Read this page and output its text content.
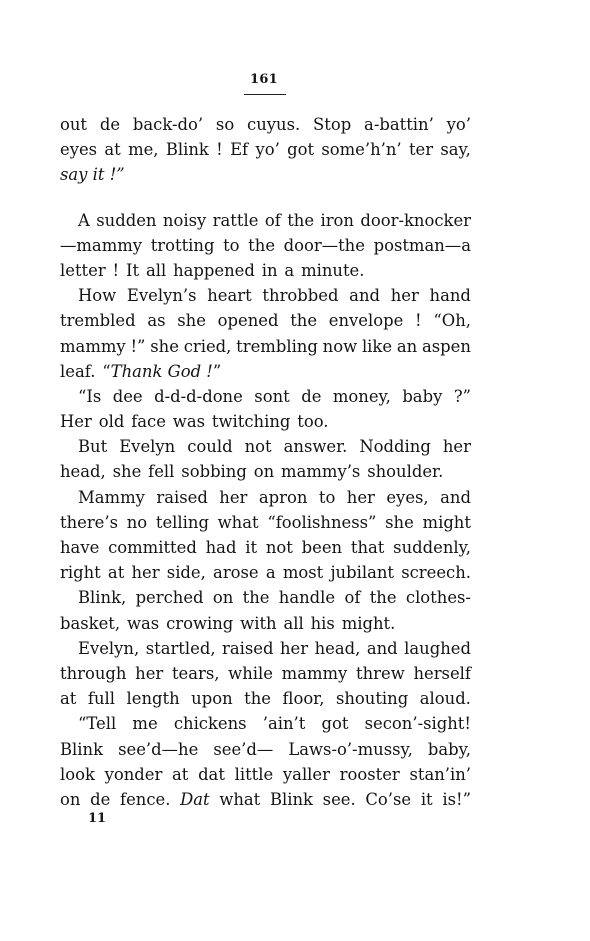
161
out de back-do’ so cuyus. Stop a-battin’ yo’
eyes at me, Blink ! Ef yo’ got some’h’n’ ter say,
say it !”
A sudden noisy rattle of the iron door-knocker
—mammy trotting to the door—the postman—a
letter ! It all happened in a minute.
How Evelyn’s heart throbbed and her hand
trembled as she opened the envelope ! “Oh,
mammy !” she cried, trembling now like an aspen
leaf. “ Thank God ! ”
“Is dee d-d-d-done sont de money, baby ?”
Her old face was twitching too.
But Evelyn could not answer. Nodding her
head, she fell sobbing on mammy’s shoulder.
Mammy raised her apron to her eyes, and
there’s no telling what “foolishness” she might
have committed had it not been that suddenly,
right at her side, arose a most jubilant screech.
Blink, perched on the handle of the clothes-
basket, was crowing with all his might.
Evelyn, startled, raised her head, and laughed
through her tears, while mammy threw herself
at full length upon the floor, shouting aloud.
“Tell me chickens ’ain’t got secon’-sight!
Blink see’d—he see’d— Laws-o’-mussy, baby,
look yonder at dat little yaller rooster stan’in’
on de fence. Dat what Blink see. Co’se it is!”
11
